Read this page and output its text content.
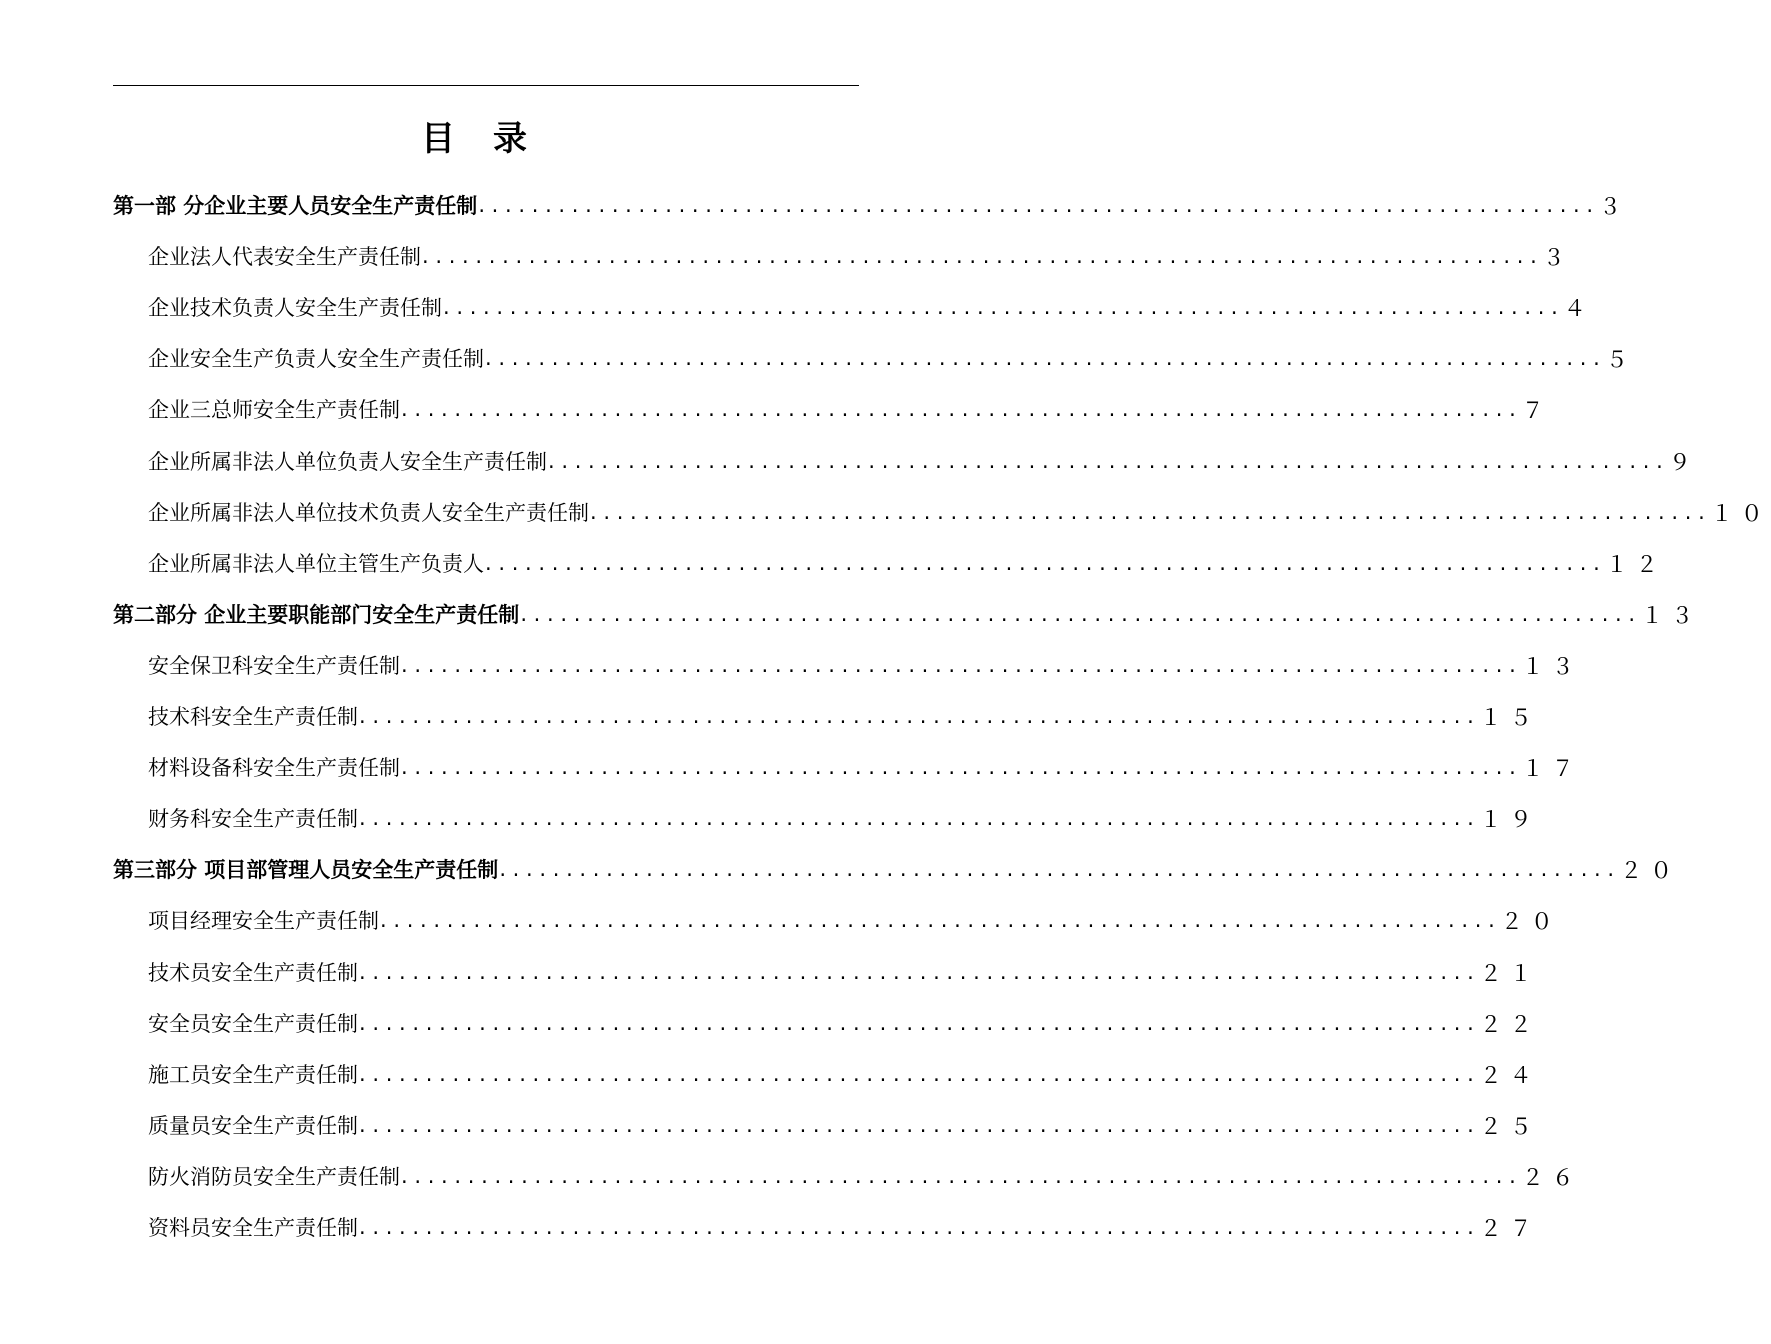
目　录
第一部 分企业主要人员安全生产责任制 . . .	３
企业法人代表安全生产责任制 . . .	３
企业技术负责人安全生产责任制 . . .	４
企业安全生产负责人安全生产责任制 . . .	５
企业三总师安全生产责任制 . . .	７
企业所属非法人单位负责人安全生产责任制 . . .	９
企业所属非法人单位技术负责人安全生产责任制 . . .	１０
企业所属非法人单位主管生产负责人 . . .	１２
第二部分 企业主要职能部门安全生产责任制 . . .	１３
安全保卫科安全生产责任制 . . .	１３
技术科安全生产责任制 . . .	１５
材料设备科安全生产责任制 . . .	１７
财务科安全生产责任制 . . .	１９
第三部分 项目部管理人员安全生产责任制 . . .	２０
项目经理安全生产责任制 . . .	２０
技术员安全生产责任制 . . .	２１
安全员安全生产责任制 . . .	２２
施工员安全生产责任制 . . .	２４
质量员安全生产责任制 . . .	２５
防火消防员安全生产责任制 . . .	２６
资料员安全生产责任制 . . .	２７
